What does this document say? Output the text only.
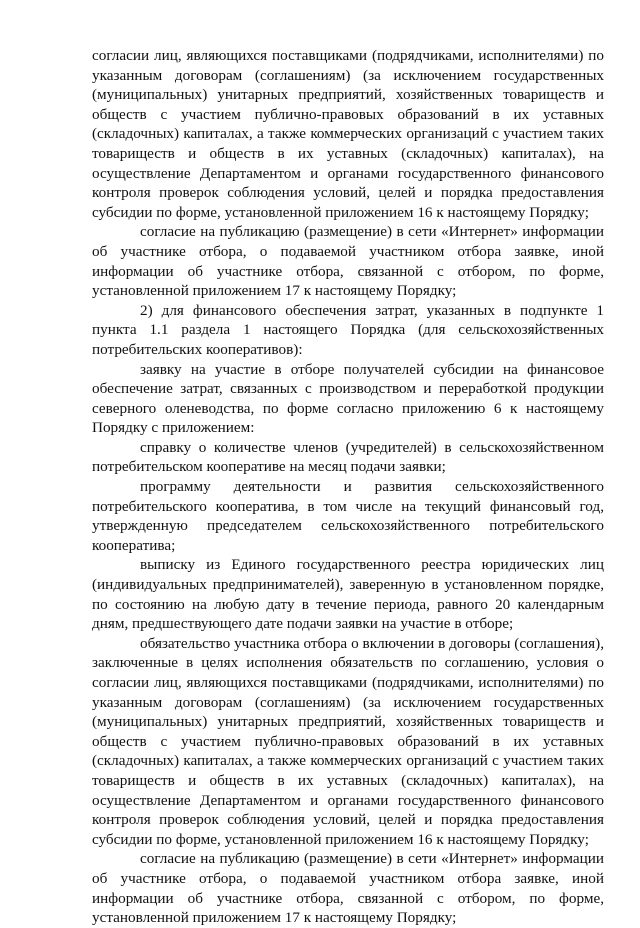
согласии лиц, являющихся поставщиками (подрядчиками, исполнителями) по указанным договорам (соглашениям) (за исключением государственных (муниципальных) унитарных предприятий, хозяйственных товариществ и обществ с участием публично-правовых образований в их уставных (складочных) капиталах, а также коммерческих организаций с участием таких товариществ и обществ в их уставных (складочных) капиталах), на осуществление Департаментом и органами государственного финансового контроля проверок соблюдения условий, целей и порядка предоставления субсидии по форме, установленной приложением 16 к настоящему Порядку;

согласие на публикацию (размещение) в сети «Интернет» информации об участнике отбора, о подаваемой участником отбора заявке, иной информации об участнике отбора, связанной с отбором, по форме, установленной приложением 17 к настоящему Порядку;

2) для финансового обеспечения затрат, указанных в подпункте 1 пункта 1.1 раздела 1 настоящего Порядка (для сельскохозяйственных потребительских кооперативов):

заявку на участие в отборе получателей субсидии на финансовое обеспечение затрат, связанных с производством и переработкой продукции северного оленеводства, по форме согласно приложению 6 к настоящему Порядку с приложением:

справку о количестве членов (учредителей) в сельскохозяйственном потребительском кооперативе на месяц подачи заявки;

программу деятельности и развития сельскохозяйственного потребительского кооператива, в том числе на текущий финансовый год, утвержденную председателем сельскохозяйственного потребительского кооператива;

выписку из Единого государственного реестра юридических лиц (индивидуальных предпринимателей), заверенную в установленном порядке, по состоянию на любую дату в течение периода, равного 20 календарным дням, предшествующего дате подачи заявки на участие в отборе;

обязательство участника отбора о включении в договоры (соглашения), заключенные в целях исполнения обязательств по соглашению, условия о согласии лиц, являющихся поставщиками (подрядчиками, исполнителями) по указанным договорам (соглашениям) (за исключением государственных (муниципальных) унитарных предприятий, хозяйственных товариществ и обществ с участием публично-правовых образований в их уставных (складочных) капиталах, а также коммерческих организаций с участием таких товариществ и обществ в их уставных (складочных) капиталах), на осуществление Департаментом и органами государственного финансового контроля проверок соблюдения условий, целей и порядка предоставления субсидии по форме, установленной приложением 16 к настоящему Порядку;

согласие на публикацию (размещение) в сети «Интернет» информации об участнике отбора, о подаваемой участником отбора заявке, иной информации об участнике отбора, связанной с отбором, по форме, установленной приложением 17 к настоящему Порядку;
